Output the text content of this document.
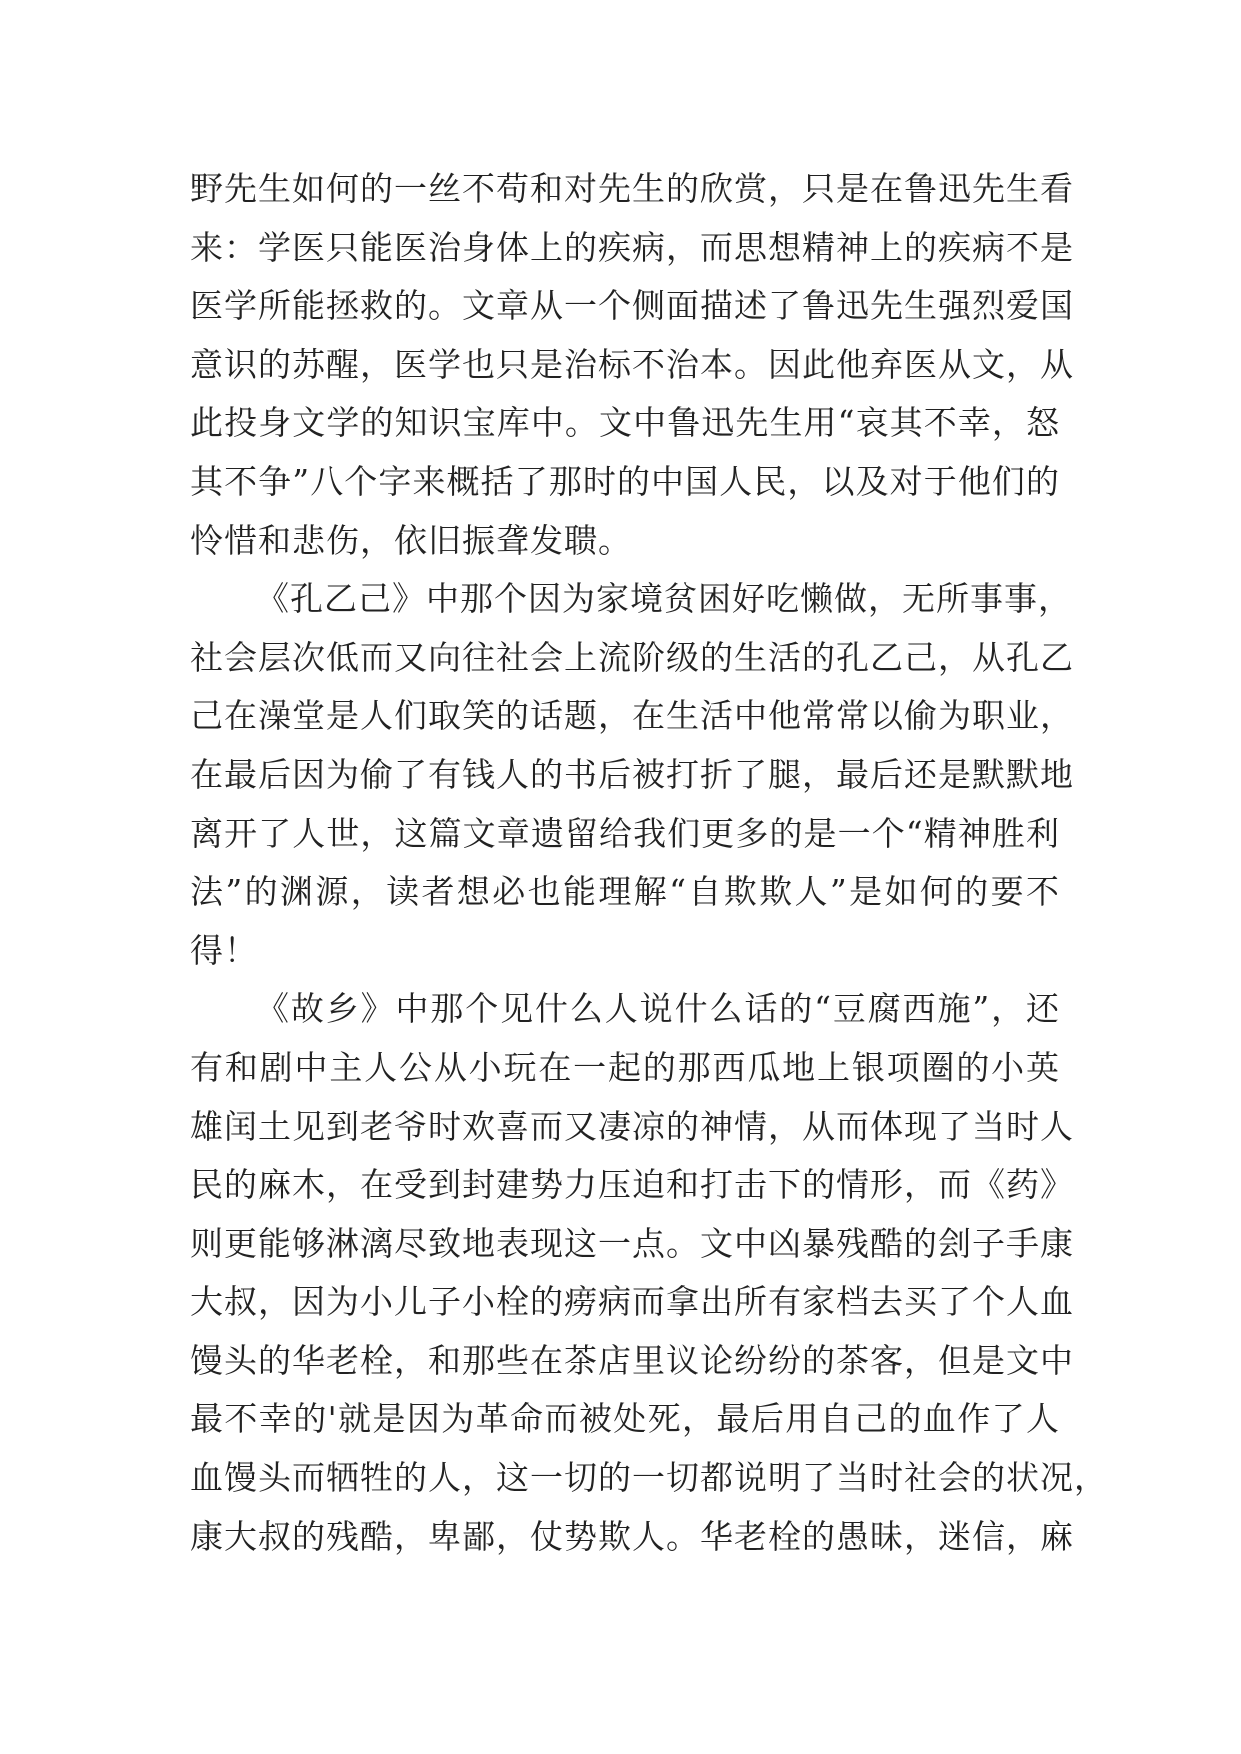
野先生如何的一丝不苟和对先生的欣赏，只是在鲁迅先生看
来：学医只能医治身体上的疾病，而思想精神上的疾病不是
医学所能拯救的。文章从一个侧面描述了鲁迅先生强烈爱国
意识的苏醒，医学也只是治标不治本。因此他弃医从文，从
此投身文学的知识宝库中。文中鲁迅先生用“哀其不幸，怒
其不争”八个字来概括了那时的中国人民，以及对于他们的
怜惜和悲伤，依旧振聋发聩。
《孔乙己》中那个因为家境贫困好吃懒做，无所事事，
社会层次低而又向往社会上流阶级的生活的孔乙己，从孔乙
己在澡堂是人们取笑的话题，在生活中他常常以偷为职业，
在最后因为偷了有钱人的书后被打折了腿，最后还是默默地
离开了人世，这篇文章遗留给我们更多的是一个“精神胜利
法”的渊源，读者想必也能理解“自欺欺人”是如何的要不
得！
《故乡》中那个见什么人说什么话的“豆腐西施”，还
有和剧中主人公从小玩在一起的那西瓜地上银项圈的小英
雄闰土见到老爷时欢喜而又凄凉的神情，从而体现了当时人
民的麻木，在受到封建势力压迫和打击下的情形，而《药》
则更能够淋漓尽致地表现这一点。文中凶暴残酷的刽子手康
大叔，因为小儿子小栓的痨病而拿出所有家档去买了个人血
馒头的华老栓，和那些在茶店里议论纷纷的茶客，但是文中
最不幸的'就是因为革命而被处死，最后用自己的血作了人
血馒头而牺牲的人，这一切的一切都说明了当时社会的状况，
康大叔的残酷，卑鄙，仗势欺人。华老栓的愚昧，迷信，麻
